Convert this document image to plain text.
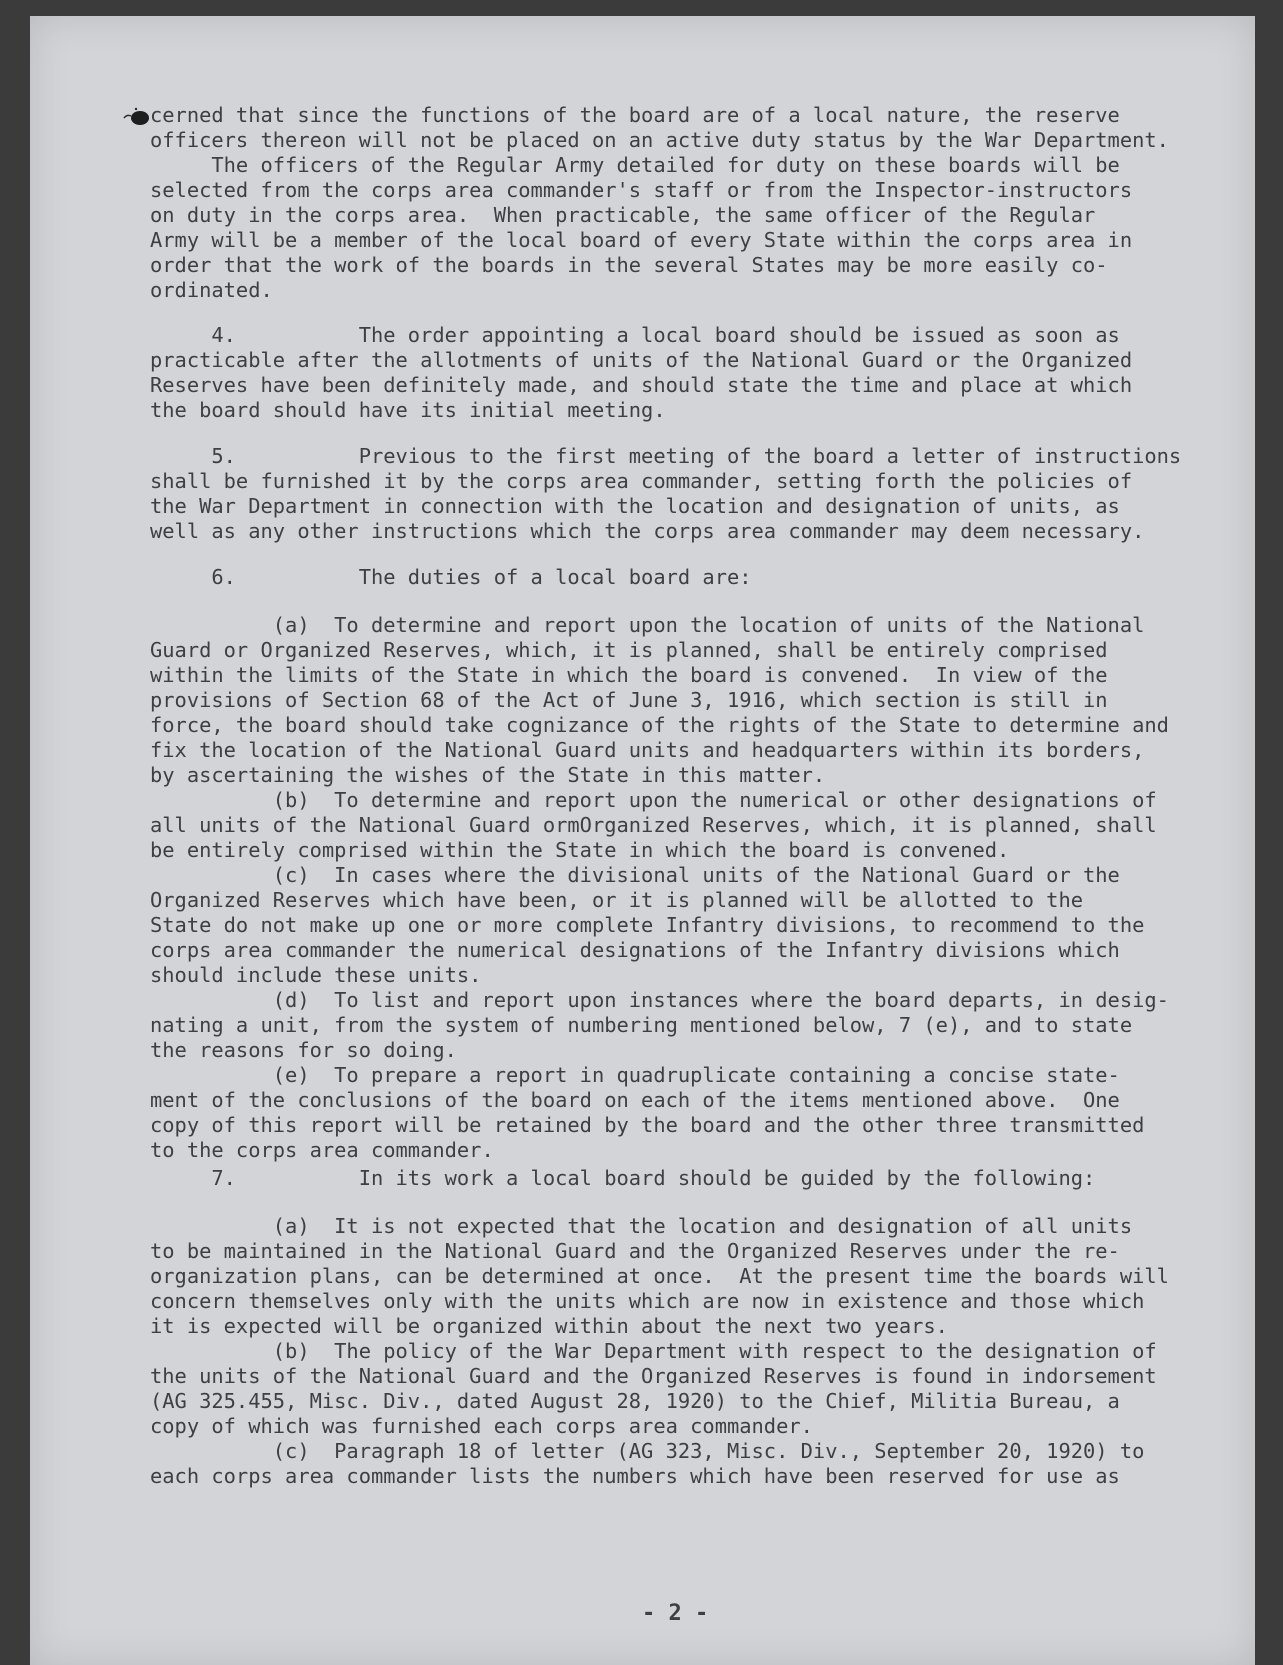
cerned that since the functions of the board are of a local nature, the reserve
officers thereon will not be placed on an active duty status by the War Department.
The officers of the Regular Army detailed for duty on these boards will be
selected from the corps area commander's staff or from the Inspector-instructors
on duty in the corps area.  When practicable, the same officer of the Regular
Army will be a member of the local board of every State within the corps area in
order that the work of the boards in the several States may be more easily co-
ordinated.
4.          The order appointing a local board should be issued as soon as
practicable after the allotments of units of the National Guard or the Organized
Reserves have been definitely made, and should state the time and place at which
the board should have its initial meeting.
5.          Previous to the first meeting of the board a letter of instructions
shall be furnished it by the corps area commander, setting forth the policies of
the War Department in connection with the location and designation of units, as
well as any other instructions which the corps area commander may deem necessary.
6.          The duties of a local board are:
(a)  To determine and report upon the location of units of the National
Guard or Organized Reserves, which, it is planned, shall be entirely comprised
within the limits of the State in which the board is convened.  In view of the
provisions of Section 68 of the Act of June 3, 1916, which section is still in
force, the board should take cognizance of the rights of the State to determine and
fix the location of the National Guard units and headquarters within its borders,
by ascertaining the wishes of the State in this matter.
(b)  To determine and report upon the numerical or other designations of
all units of the National Guard ormOrganized Reserves, which, it is planned, shall
be entirely comprised within the State in which the board is convened.
(c)  In cases where the divisional units of the National Guard or the
Organized Reserves which have been, or it is planned will be allotted to the
State do not make up one or more complete Infantry divisions, to recommend to the
corps area commander the numerical designations of the Infantry divisions which
should include these units.
(d)  To list and report upon instances where the board departs, in desig-
nating a unit, from the system of numbering mentioned below, 7 (e), and to state
the reasons for so doing.
(e)  To prepare a report in quadruplicate containing a concise state-
ment of the conclusions of the board on each of the items mentioned above.  One
copy of this report will be retained by the board and the other three transmitted
to the corps area commander.
7.          In its work a local board should be guided by the following:
(a)  It is not expected that the location and designation of all units
to be maintained in the National Guard and the Organized Reserves under the re-
organization plans, can be determined at once.  At the present time the boards will
concern themselves only with the units which are now in existence and those which
it is expected will be organized within about the next two years.
(b)  The policy of the War Department with respect to the designation of
the units of the National Guard and the Organized Reserves is found in indorsement
(AG 325.455, Misc. Div., dated August 28, 1920) to the Chief, Militia Bureau, a
copy of which was furnished each corps area commander.
(c)  Paragraph 18 of letter (AG 323, Misc. Div., September 20, 1920) to
each corps area commander lists the numbers which have been reserved for use as
- 2 -
